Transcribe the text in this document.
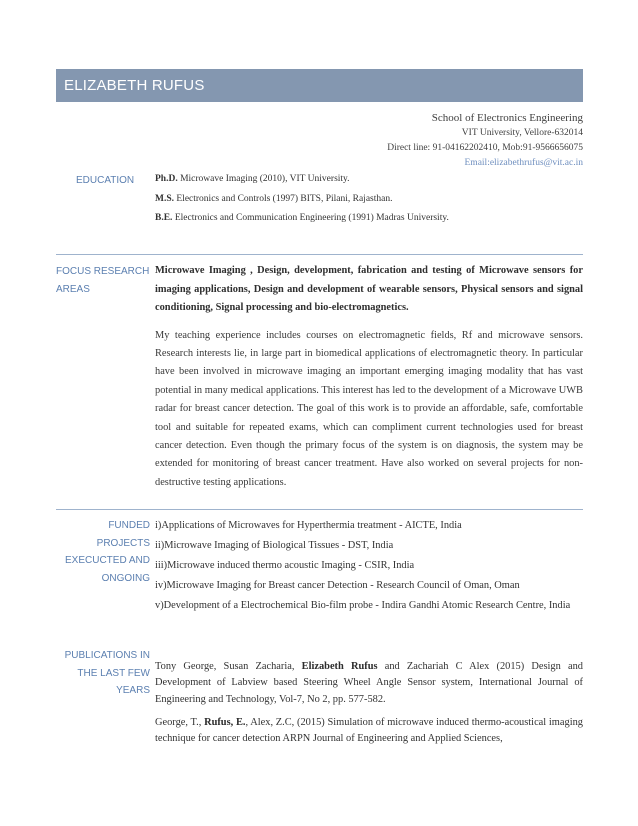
ELIZABETH RUFUS
School of Electronics Engineering
VIT University, Vellore-632014
Direct line: 91-04162202410, Mob:91-9566656075
Email:elizabethrufus@vit.ac.in
EDUCATION Ph.D. Microwave Imaging (2010), VIT University.

M.S. Electronics and Controls (1997) BITS, Pilani, Rajasthan.

B.E. Electronics and Communication Engineering (1991) Madras University.

FOCUS RESEARCH
AREAS
Microwave Imaging , Design, development, fabrication and testing of Microwave sensors for imaging applications, Design and development of wearable sensors, Physical sensors and signal conditioning, Signal processing and bio-electromagnetics.
My teaching experience includes courses on electromagnetic fields, Rf and microwave sensors. Research interests lie, in large part in biomedical applications of electromagnetic theory. In particular have been involved in microwave imaging an important emerging imaging modality that has vast potential in many medical applications. This interest has led to the development of a Microwave UWB radar for breast cancer detection. The goal of this work is to provide an affordable, safe, comfortable tool and suitable for repeated exams, which can compliment current technologies used for breast cancer detection. Even though the primary focus of the system is on diagnosis, the system may be extended for monitoring of breast cancer treatment. Have also worked on several projects for non-destructive testing applications.
FUNDED PROJECTS
EXECUCTED AND
ONGOING

i)Applications of Microwaves for Hyperthermia treatment - AICTE, India

ii)Microwave Imaging of Biological Tissues - DST, India

iii)Microwave induced thermo acoustic Imaging - CSIR, India

iv)Microwave Imaging for Breast cancer Detection - Research Council of Oman, Oman

v)Development of a Electrochemical Bio-film probe - Indira Gandhi Atomic Research Centre, India

PUBLICATIONS IN
THE LAST FEW
YEARS

Tony George, Susan Zacharia, Elizabeth Rufus and Zachariah C Alex (2015) Design and Development of Labview based Steering Wheel Angle Sensor system, International Journal of Engineering and Technology, Vol-7, No 2, pp. 577-582.

George, T., Rufus, E., Alex, Z.C, (2015) Simulation of microwave induced thermo-acoustical imaging technique for cancer detection ARPN Journal of Engineering and Applied Sciences,
